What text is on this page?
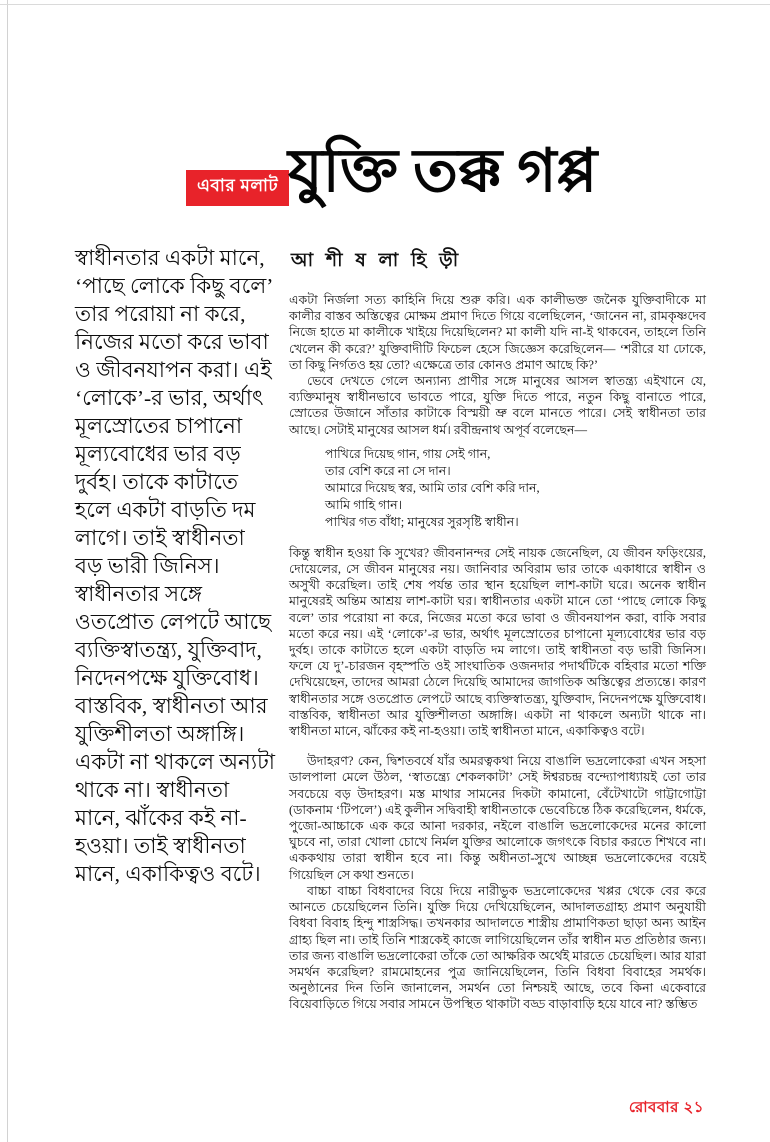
এবার মলাট যুক্তি তক্ক গপ্প
আ শী ষ লা হি ড়ী
স্বাধীনতার একটা মানে, ‘পাছে লোকে কিছু বলে’ তার পরোয়া না করে, নিজের মতো করে ভাবা ও জীবনযাপন করা। এই ‘লোকে’-র ভার, অর্থাৎ মূলস্রোতের চাপানো মূল্যবোধের ভার বড় দুর্বহ। তাকে কাটাতে হলে একটা বাড়তি দম লাগে। তাই স্বাধীনতা বড় ভারী জিনিস। স্বাধীনতার সঙ্গে ওতপ্রোত লেপটে আছে ব্যক্তিস্বাতন্ত্র্য, যুক্তিবাদ, নিদেনপক্ষে যুক্তিবোধ। বাস্তবিক, স্বাধীনতা আর যুক্তিশীলতা অঙ্গাঙ্গি। একটা না থাকলে অন্যটা থাকে না। স্বাধীনতা মানে, ঝাঁকের কই না-হওয়া। তাই স্বাধীনতা মানে, একাকিত্বও বটে।

একটা নির্জলা সত্য কাহিনি দিয়ে শুরু করি। এক কালীভক্ত জনৈক যুক্তিবাদীকে মা কালীর বাস্তব অস্তিত্বের মোক্ষম প্রমাণ দিতে গিয়ে বলেছিলেন, ‘জানেন না, রামকৃষ্ণদেব নিজে হাতে মা কালীকে খাইয়ে দিয়েছিলেন? মা কালী যদি না-ই থাকবেন, তাহলে তিনি খেলেন কী করে?’ যুক্তিবাদীটি ফিচেল হেসে জিজ্ঞেস করেছিলেন— ‘শরীরে যা ঢোকে, তা কিছু নির্গতও হয় তো? এক্ষেত্রে তার কোনও প্রমাণ আছে কি?’

ভেবে দেখতে গেলে অন্যান্য প্রাণীর সঙ্গে মানুষের আসল স্বাতন্ত্র্য এইখানে যে, ব্যক্তিমানুষ স্বাধীনভাবে ভাবতে পারে, যুক্তি দিতে পারে, নতুন কিছু বানাতে পারে, স্রোতের উজানে সাঁতার কাটাকে বিস্ময়ী ভ্রু বলে মানতে পারে। সেই স্বাধীনতা তার আছে। সেটাই মানুষের আসল ধর্ম। রবীন্দ্রনাথ অপূর্ব বলেছেন—

পাখিরে দিয়েছ গান, গায় সেই গান,
তার বেশি করে না সে দান।
আমারে দিয়েছ স্বর, আমি তার বেশি করি দান,
আমি গাহি গান।
পাখির গত বাঁধা; মানুষের সুরসৃষ্টি স্বাধীন।

কিন্তু স্বাধীন হওয়া কি সুখের? জীবনানন্দর সেই নায়ক জেনেছিল, যে জীবন ফড়িংয়ের, দোয়েলের, সে জীবন মানুষের নয়। জানিবার অবিরাম ভার তাকে একাধারে স্বাধীন ও অসুখী করেছিল। তাই শেষ পর্যন্ত তার স্থান হয়েছিল লাশ-কাটা ঘরে। অনেক স্বাধীন মানুষেরই অন্তিম আশ্রয় লাশ-কাটা ঘর। স্বাধীনতার একটা মানে তো ‘পাছে লোকে কিছু বলে’ তার পরোয়া না করে, নিজের মতো করে ভাবা ও জীবনযাপন করা, বাকি সবার মতো করে নয়। এই ‘লোকে’-র ভার, অর্থাৎ মূলস্রোতের চাপানো মূল্যবোধের ভার বড় দুর্বহ। তাকে কাটাতে হলে একটা বাড়তি দম লাগে। তাই স্বাধীনতা বড় ভারী জিনিস। ফলে যে দু’-চারজন বৃহস্পতি ওই সাংঘাতিক ওজনদার পদার্থটিকে বহিবার মতো শক্তি দেখিয়েছেন, তাদের আমরা ঠেলে দিয়েছি আমাদের জাগতিক অস্তিত্বের প্রত্যন্তে। কারণ স্বাধীনতার সঙ্গে ওতপ্রোত লেপটে আছে ব্যক্তিস্বাতন্ত্র্য, যুক্তিবাদ, নিদেনপক্ষে যুক্তিবোধ। বাস্তবিক, স্বাধীনতা আর যুক্তিশীলতা অঙ্গাঙ্গি। একটা না থাকলে অন্যটা থাকে না। স্বাধীনতা মানে, ঝাঁকের কই না-হওয়া। তাই স্বাধীনতা মানে, একাকিত্বও বটে।

উদাহরণ? কেন, দ্বিশতবর্ষে যাঁর অমরত্বকথা নিয়ে বাঙালি ভদ্রলোকেরা এখন সহসা ডালপালা মেলে উঠল, ‘স্বাতন্ত্র্যে শেকলকাটা’ সেই ঈশ্বরচন্দ্র বন্দ্যোপাধ্যায়ই তো তার সবচেয়ে বড় উদাহরণ। মস্ত মাথার সামনের দিকটা কামানো, বেঁটেখাটো গাট্টাগোট্টা (ডাকনাম ‘টিপলে’) এই কুলীন সদ্বিবাহী স্বাধীনতাকে ভেবেচিন্তে ঠিক করেছিলেন, ধর্মকে, পুজো-আচ্চাকে এক করে আনা দরকার, নইলে বাঙালি ভদ্রলোকেদের মনের কালো ঘুচবে না, তারা খোলা চোখে নির্মল যুক্তির আলোকে জগৎকে বিচার করতে শিখবে না। এককথায় তারা স্বাধীন হবে না। কিন্তু অধীনতা-সুখে আচ্ছন্ন ভদ্রলোকেদের বয়েই গিয়েছিল সে কথা শুনতে।

বাচ্চা বাচ্চা বিধবাদের বিয়ে দিয়ে নারীভুক ভদ্রলোকেদের খপ্পর থেকে বের করে আনতে চেয়েছিলেন তিনি। যুক্তি দিয়ে দেখিয়েছিলেন, আদালতগ্রাহ্য প্রমাণ অনুযায়ী বিধবা বিবাহ হিন্দু শাস্ত্রসিদ্ধ। তখনকার আদালতে শাস্ত্রীয় প্রামাণিকতা ছাড়া অন্য আইন গ্রাহ্য ছিল না। তাই তিনি শাস্ত্রকেই কাজে লাগিয়েছিলেন তাঁর স্বাধীন মত প্রতিষ্ঠার জন্য। তার জন্য বাঙালি ভদ্রলোকেরা তাঁকে তো আক্ষরিক অর্থেই মারতে চেয়েছিল। আর যারা সমর্থন করেছিল? রামমোহনের পুত্র জানিয়েছিলেন, তিনি বিধবা বিবাহের সমর্থক। অনুষ্ঠানের দিন তিনি জানালেন, সমর্থন তো নিশ্চয়ই আছে, তবে কিনা একেবারে বিয়েবাড়িতে গিয়ে সবার সামনে উপস্থিত থাকাটা বড্ড বাড়াবাড়ি হয়ে যাবে না? স্তম্ভিত

রোববার ২১
